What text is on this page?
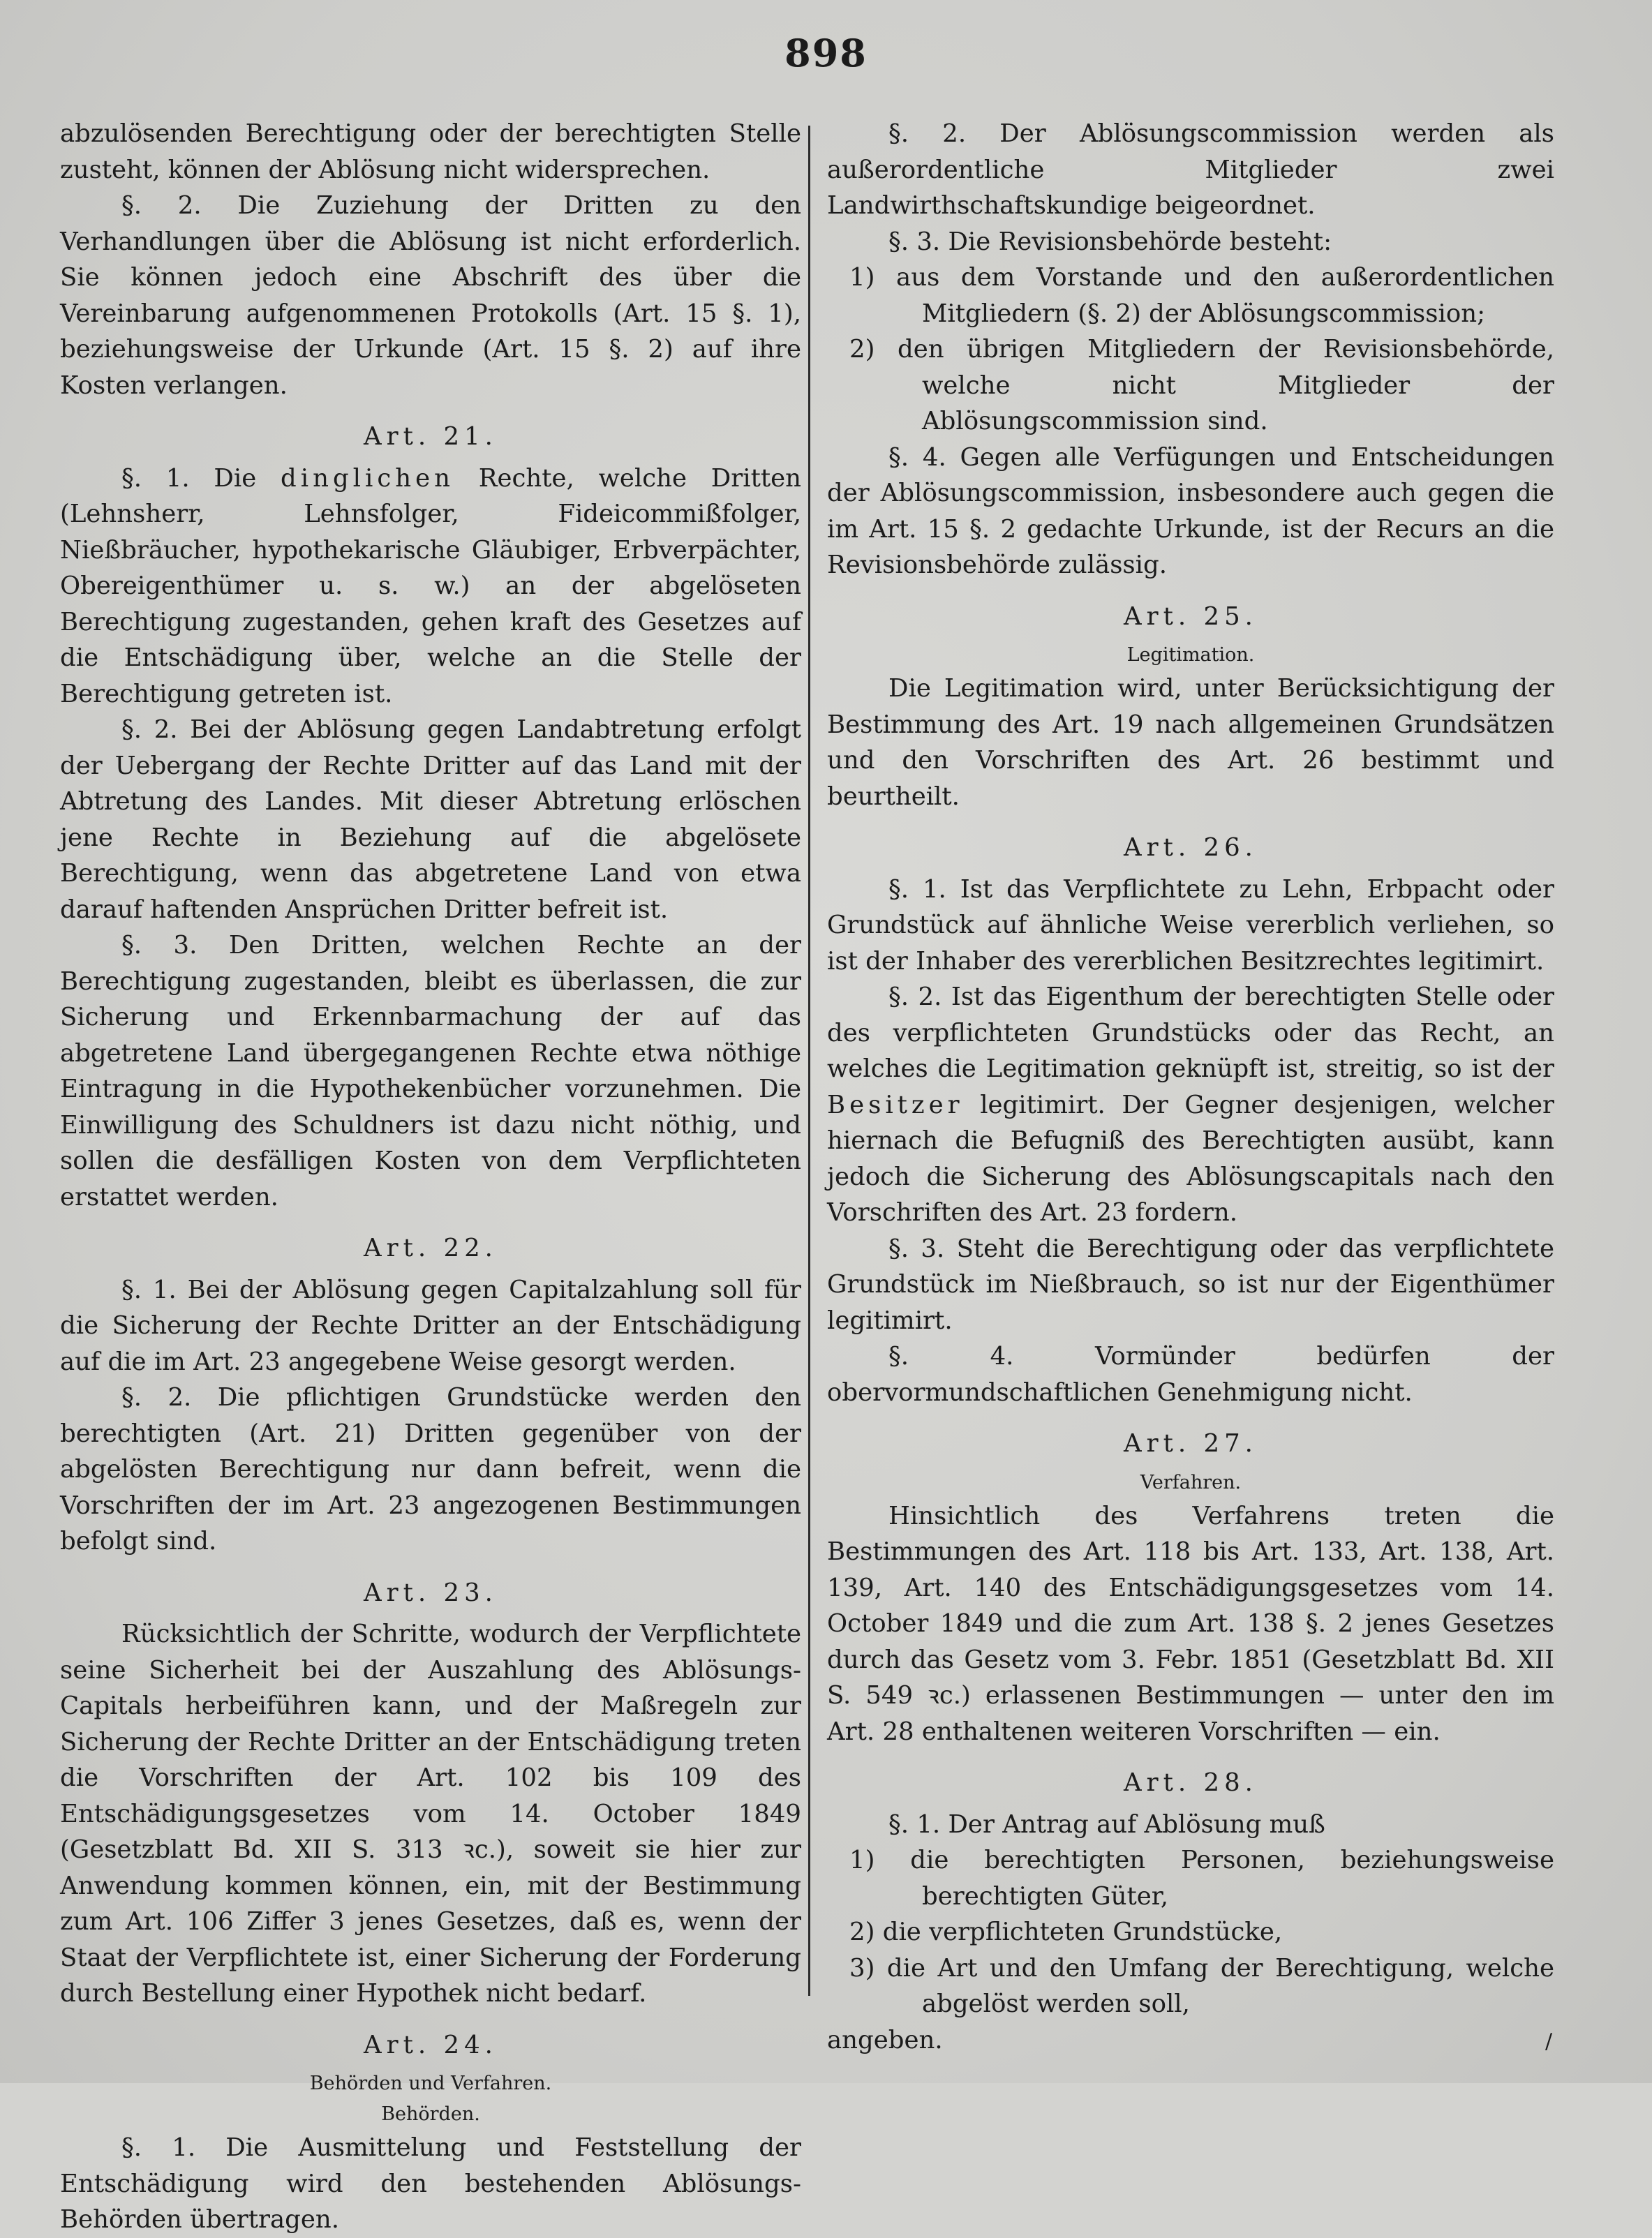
898

abzulösenden Berechtigung oder der berechtigten Stelle zusteht, können der Ablösung nicht widersprechen.

§. 2. Die Zuziehung der Dritten zu den Verhandlungen über die Ablösung ist nicht erforderlich. Sie können jedoch eine Abschrift des über die Vereinbarung aufgenommenen Protokolls (Art. 15 §. 1), beziehungsweise der Urkunde (Art. 15 §. 2) auf ihre Kosten verlangen.

Art. 21.

§. 1. Die dinglichen Rechte, welche Dritten (Lehnsherr, Lehnsfolger, Fideicommißfolger, Nießbräucher, hypothekarische Gläubiger, Erbverpächter, Obereigenthümer u. s. w.) an der abgelöseten Berechtigung zugestanden, gehen kraft des Gesetzes auf die Entschädigung über, welche an die Stelle der Berechtigung getreten ist.

§. 2. Bei der Ablösung gegen Landabtretung erfolgt der Uebergang der Rechte Dritter auf das Land mit der Abtretung des Landes. Mit dieser Abtretung erlöschen jene Rechte in Beziehung auf die abgelösete Berechtigung, wenn das abgetretene Land von etwa darauf haftenden Ansprüchen Dritter befreit ist.

§. 3. Den Dritten, welchen Rechte an der Berechtigung zugestanden, bleibt es überlassen, die zur Sicherung und Erkennbarmachung der auf das abgetretene Land übergegangenen Rechte etwa nöthige Eintragung in die Hypothekenbücher vorzunehmen. Die Einwilligung des Schuldners ist dazu nicht nöthig, und sollen die desfälligen Kosten von dem Verpflichteten erstattet werden.

Art. 22.

§. 1. Bei der Ablösung gegen Capitalzahlung soll für die Sicherung der Rechte Dritter an der Entschädigung auf die im Art. 23 angegebene Weise gesorgt werden.

§. 2. Die pflichtigen Grundstücke werden den berechtigten (Art. 21) Dritten gegenüber von der abgelösten Berechtigung nur dann befreit, wenn die Vorschriften der im Art. 23 angezogenen Bestimmungen befolgt sind.

Art. 23.

Rücksichtlich der Schritte, wodurch der Verpflichtete seine Sicherheit bei der Auszahlung des Ablösungs-Capitals herbeiführen kann, und der Maßregeln zur Sicherung der Rechte Dritter an der Entschädigung treten die Vorschriften der Art. 102 bis 109 des Entschädigungsgesetzes vom 14. October 1849 (Gesetzblatt Bd. XII S. 313 ꝛc.), soweit sie hier zur Anwendung kommen können, ein, mit der Bestimmung zum Art. 106 Ziffer 3 jenes Gesetzes, daß es, wenn der Staat der Verpflichtete ist, einer Sicherung der Forderung durch Bestellung einer Hypothek nicht bedarf.

Art. 24.

Behörden und Verfahren.

Behörden.

§. 1. Die Ausmittelung und Feststellung der Entschädigung wird den bestehenden Ablösungs-Behörden übertragen.

§. 2. Der Ablösungscommission werden als außerordentliche Mitglieder zwei Landwirthschaftskundige beigeordnet.

§. 3. Die Revisionsbehörde besteht:

1) aus dem Vorstande und den außerordentlichen Mitgliedern (§. 2) der Ablösungscommission;

2) den übrigen Mitgliedern der Revisionsbehörde, welche nicht Mitglieder der Ablösungscommission sind.

§. 4. Gegen alle Verfügungen und Entscheidungen der Ablösungscommission, insbesondere auch gegen die im Art. 15 §. 2 gedachte Urkunde, ist der Recurs an die Revisionsbehörde zulässig.

Art. 25.

Legitimation.

Die Legitimation wird, unter Berücksichtigung der Bestimmung des Art. 19 nach allgemeinen Grundsätzen und den Vorschriften des Art. 26 bestimmt und beurtheilt.

Art. 26.

§. 1. Ist das Verpflichtete zu Lehn, Erbpacht oder Grundstück auf ähnliche Weise vererblich verliehen, so ist der Inhaber des vererblichen Besitzrechtes legitimirt.

§. 2. Ist das Eigenthum der berechtigten Stelle oder des verpflichteten Grundstücks oder das Recht, an welches die Legitimation geknüpft ist, streitig, so ist der Besitzer legitimirt. Der Gegner desjenigen, welcher hiernach die Befugniß des Berechtigten ausübt, kann jedoch die Sicherung des Ablösungscapitals nach den Vorschriften des Art. 23 fordern.

§. 3. Steht die Berechtigung oder das verpflichtete Grundstück im Nießbrauch, so ist nur der Eigenthümer legitimirt.

§. 4. Vormünder bedürfen der obervormundschaftlichen Genehmigung nicht.

Art. 27.

Verfahren.

Hinsichtlich des Verfahrens treten die Bestimmungen des Art. 118 bis Art. 133, Art. 138, Art. 139, Art. 140 des Entschädigungsgesetzes vom 14. October 1849 und die zum Art. 138 §. 2 jenes Gesetzes durch das Gesetz vom 3. Febr. 1851 (Gesetzblatt Bd. XII S. 549 ꝛc.) erlassenen Bestimmungen — unter den im Art. 28 enthaltenen weiteren Vorschriften — ein.

Art. 28.

§. 1. Der Antrag auf Ablösung muß

1) die berechtigten Personen, beziehungsweise berechtigten Güter,

2) die verpflichteten Grundstücke,

3) die Art und den Umfang der Berechtigung, welche abgelöst werden soll,

angeben.	/
